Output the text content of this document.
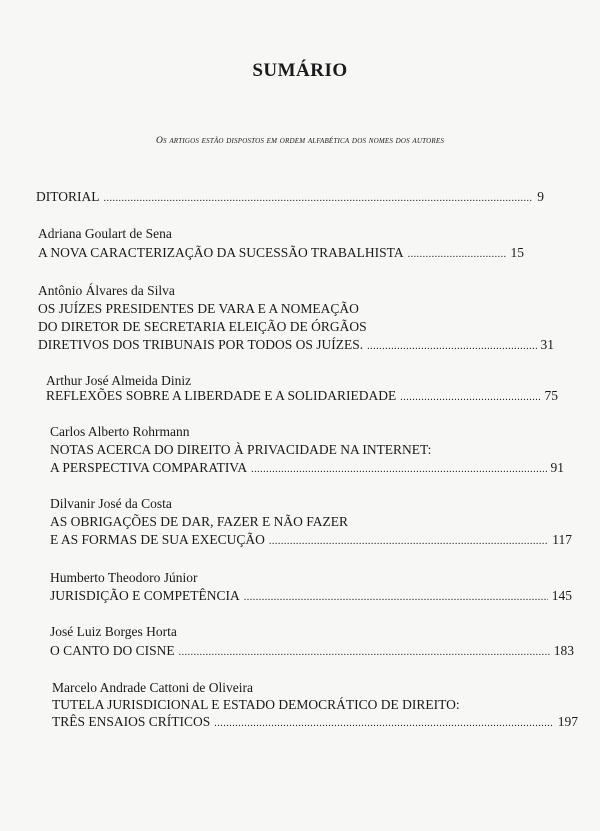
SUMÁRIO
Os artigos estão dispostos em ordem alfabética dos nomes dos autores
DITORIAL .....	9
Adriana Goulart de Sena
A NOVA CARACTERIZAÇÃO DA SUCESSÃO TRABALHISTA .....	15
Antônio Álvares da Silva
OS JUÍZES PRESIDENTES DE VARA E A NOMEAÇÃO
DO DIRETOR DE SECRETARIA ELEIÇÃO DE ÓRGÃOS
DIRETIVOS DOS TRIBUNAIS POR TODOS OS JUÍZES. .....	31
Arthur José Almeida Diniz
REFLEXÕES SOBRE A LIBERDADE E A SOLIDARIEDADE .....	75
Carlos Alberto Rohrmann
NOTAS ACERCA DO DIREITO À PRIVACIDADE NA INTERNET:
A PERSPECTIVA COMPARATIVA .....	91
Dilvanir José da Costa
AS OBRIGAÇÕES DE DAR, FAZER E NÃO FAZER
E AS FORMAS DE SUA EXECUÇÃO .....	117
Humberto Theodoro Júnior
JURISDIÇÃO E COMPETÊNCIA .....	145
José Luiz Borges Horta
O CANTO DO CISNE .....	183
Marcelo Andrade Cattoni de Oliveira
TUTELA JURISDICIONAL E ESTADO DEMOCRÁTICO DE DIREITO:
TRÊS ENSAIOS CRÍTICOS .....	197
